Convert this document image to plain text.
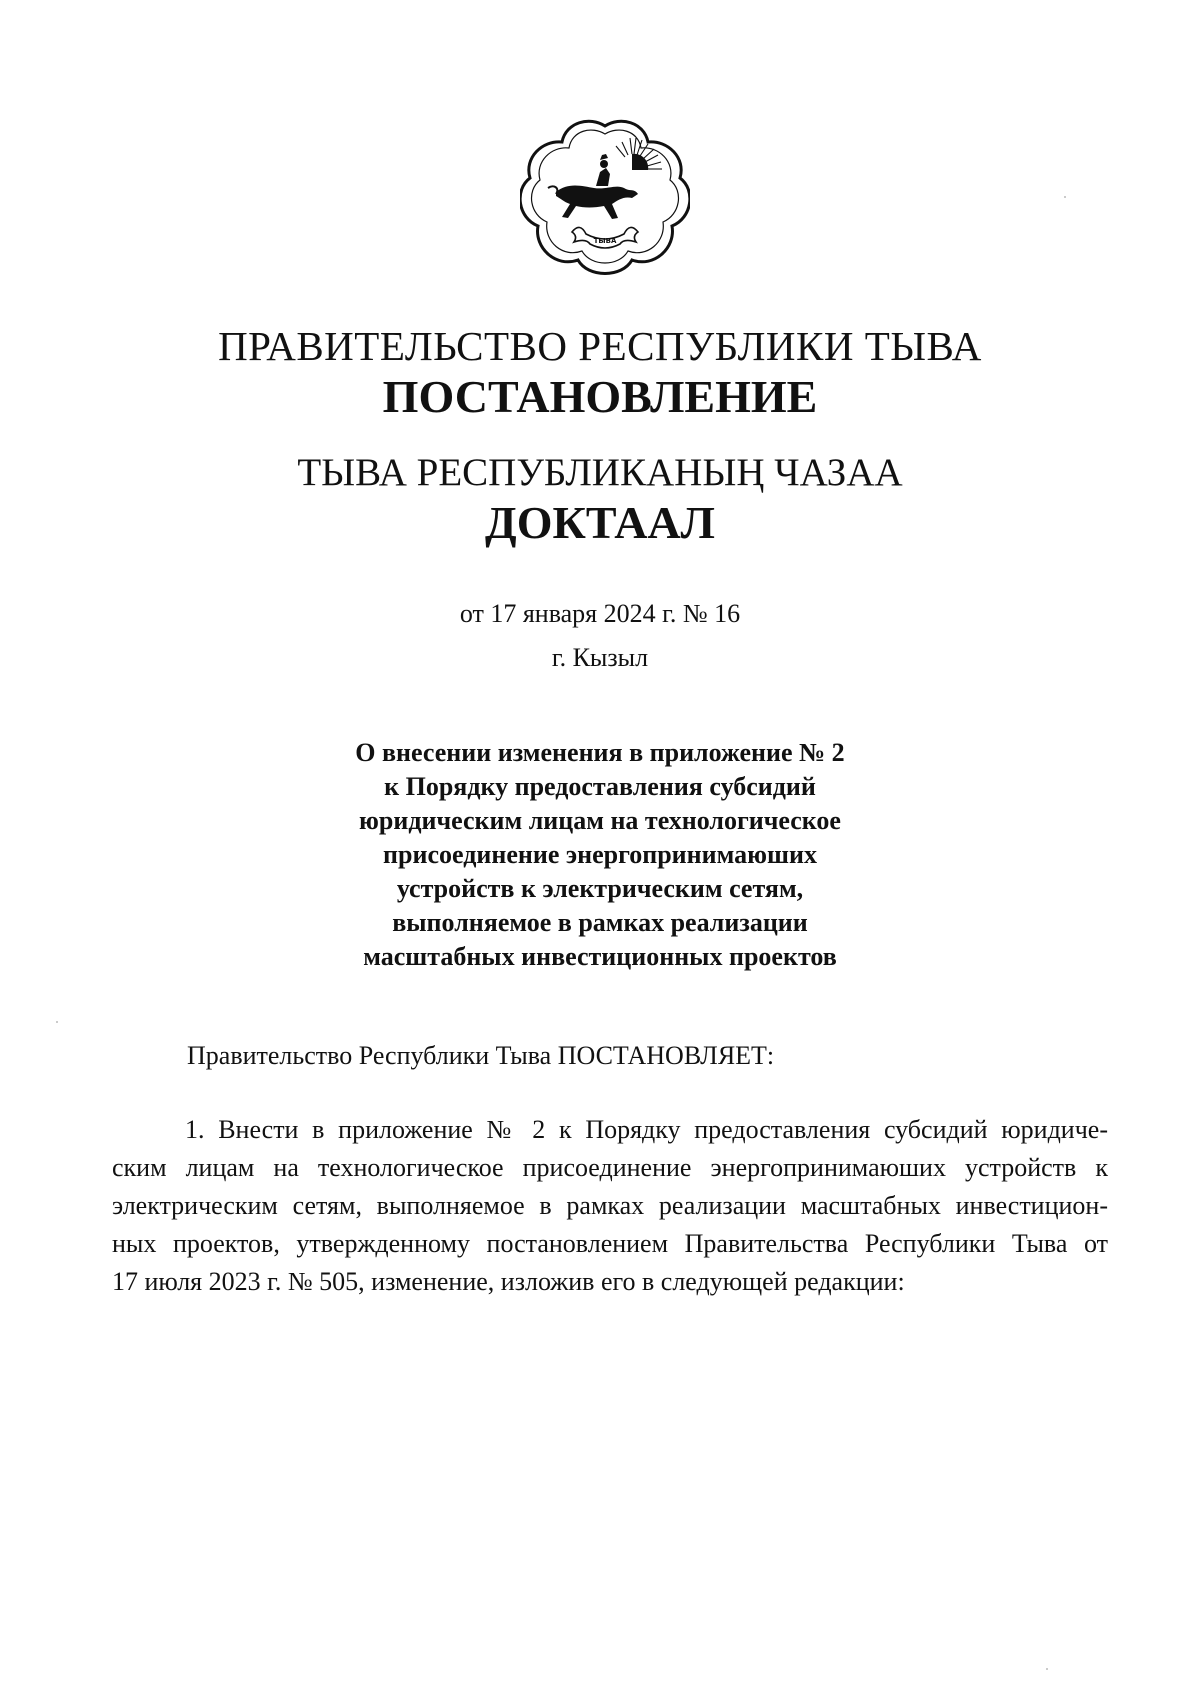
ТЫВА
ПРАВИТЕЛЬСТВО РЕСПУБЛИКИ ТЫВА
ПОСТАНОВЛЕНИЕ
ТЫВА РЕСПУБЛИКАНЫҢ ЧАЗАА
ДОКТААЛ
от 17 января 2024 г. № 16
г. Кызыл
О внесении изменения в приложение № 2
к Порядку предоставления субсидий
юридическим лицам на технологическое
присоединение энергопринимаюших
устройств к электрическим сетям,
выполняемое в рамках реализации
масштабных инвестиционных проектов
Правительство Республики Тыва ПОСТАНОВЛЯЕТ:
1. Внести в приложение № 2 к Порядку предоставления субсидий юридиче-
ским лицам на технологическое присоединение энергопринимаюших устройств к
электрическим сетям, выполняемое в рамках реализации масштабных инвестицион-
ных проектов, утвержденному постановлением Правительства Республики Тыва от
17 июля 2023 г. № 505, изменение, изложив его в следующей редакции:
